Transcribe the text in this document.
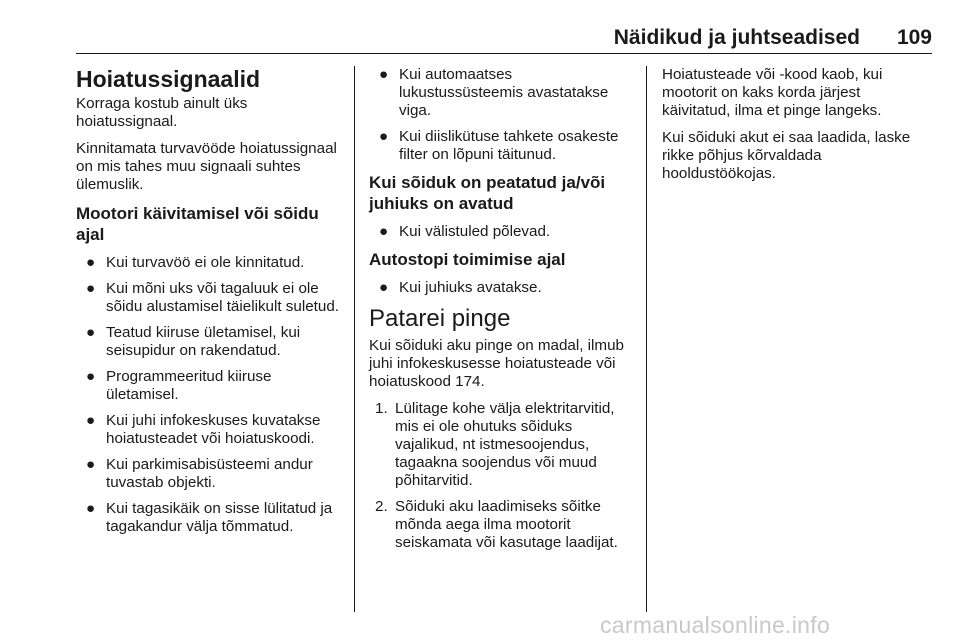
Näidikud ja juhtseadised	109
Hoiatussignaalid

Korraga kostub ainult üks hoiatussignaal.

Kinnitamata turvavööde hoiatussignaal on mis tahes muu signaali suhtes ülemuslik.

Mootori käivitamisel või sõidu ajal
● Kui turvavöö ei ole kinnitatud.
● Kui mõni uks või tagaluuk ei ole sõidu alustamisel täielikult suletud.
● Teatud kiiruse ületamisel, kui seisupidur on rakendatud.
● Programmeeritud kiiruse ületamisel.
● Kui juhi infokeskuses kuvatakse hoiatusteadet või hoiatuskoodi.
● Kui parkimisabisüsteemi andur tuvastab objekti.
● Kui tagasikäik on sisse lülitatud ja tagakandur välja tõmmatud.
● Kui automaatses lukustussüsteemis avastatakse viga.
● Kui diislikütuse tahkete osakeste filter on lõpuni täitunud.
Kui sõiduk on peatatud ja/või juhiuks on avatud
● Kui välistuled põlevad.
Autostopi toimimise ajal
● Kui juhiuks avatakse.
Patarei pinge

Kui sõiduki aku pinge on madal, ilmub juhi infokeskusesse hoiatusteade või hoiatuskood 174.

1. Lülitage kohe välja elektritarvitid, mis ei ole ohutuks sõiduks vajalikud, nt istmesoojendus, tagaakna soojendus või muud põhitarvitid.
2. Sõiduki aku laadimiseks sõitke mõnda aega ilma mootorit seiskamata või kasutage laadijat.

Hoiatusteade või -kood kaob, kui mootorit on kaks korda järjest käivitatud, ilma et pinge langeks.

Kui sõiduki akut ei saa laadida, laske rikke põhjus kõrvaldada hooldustöökojas.

carmanualsonline.info
